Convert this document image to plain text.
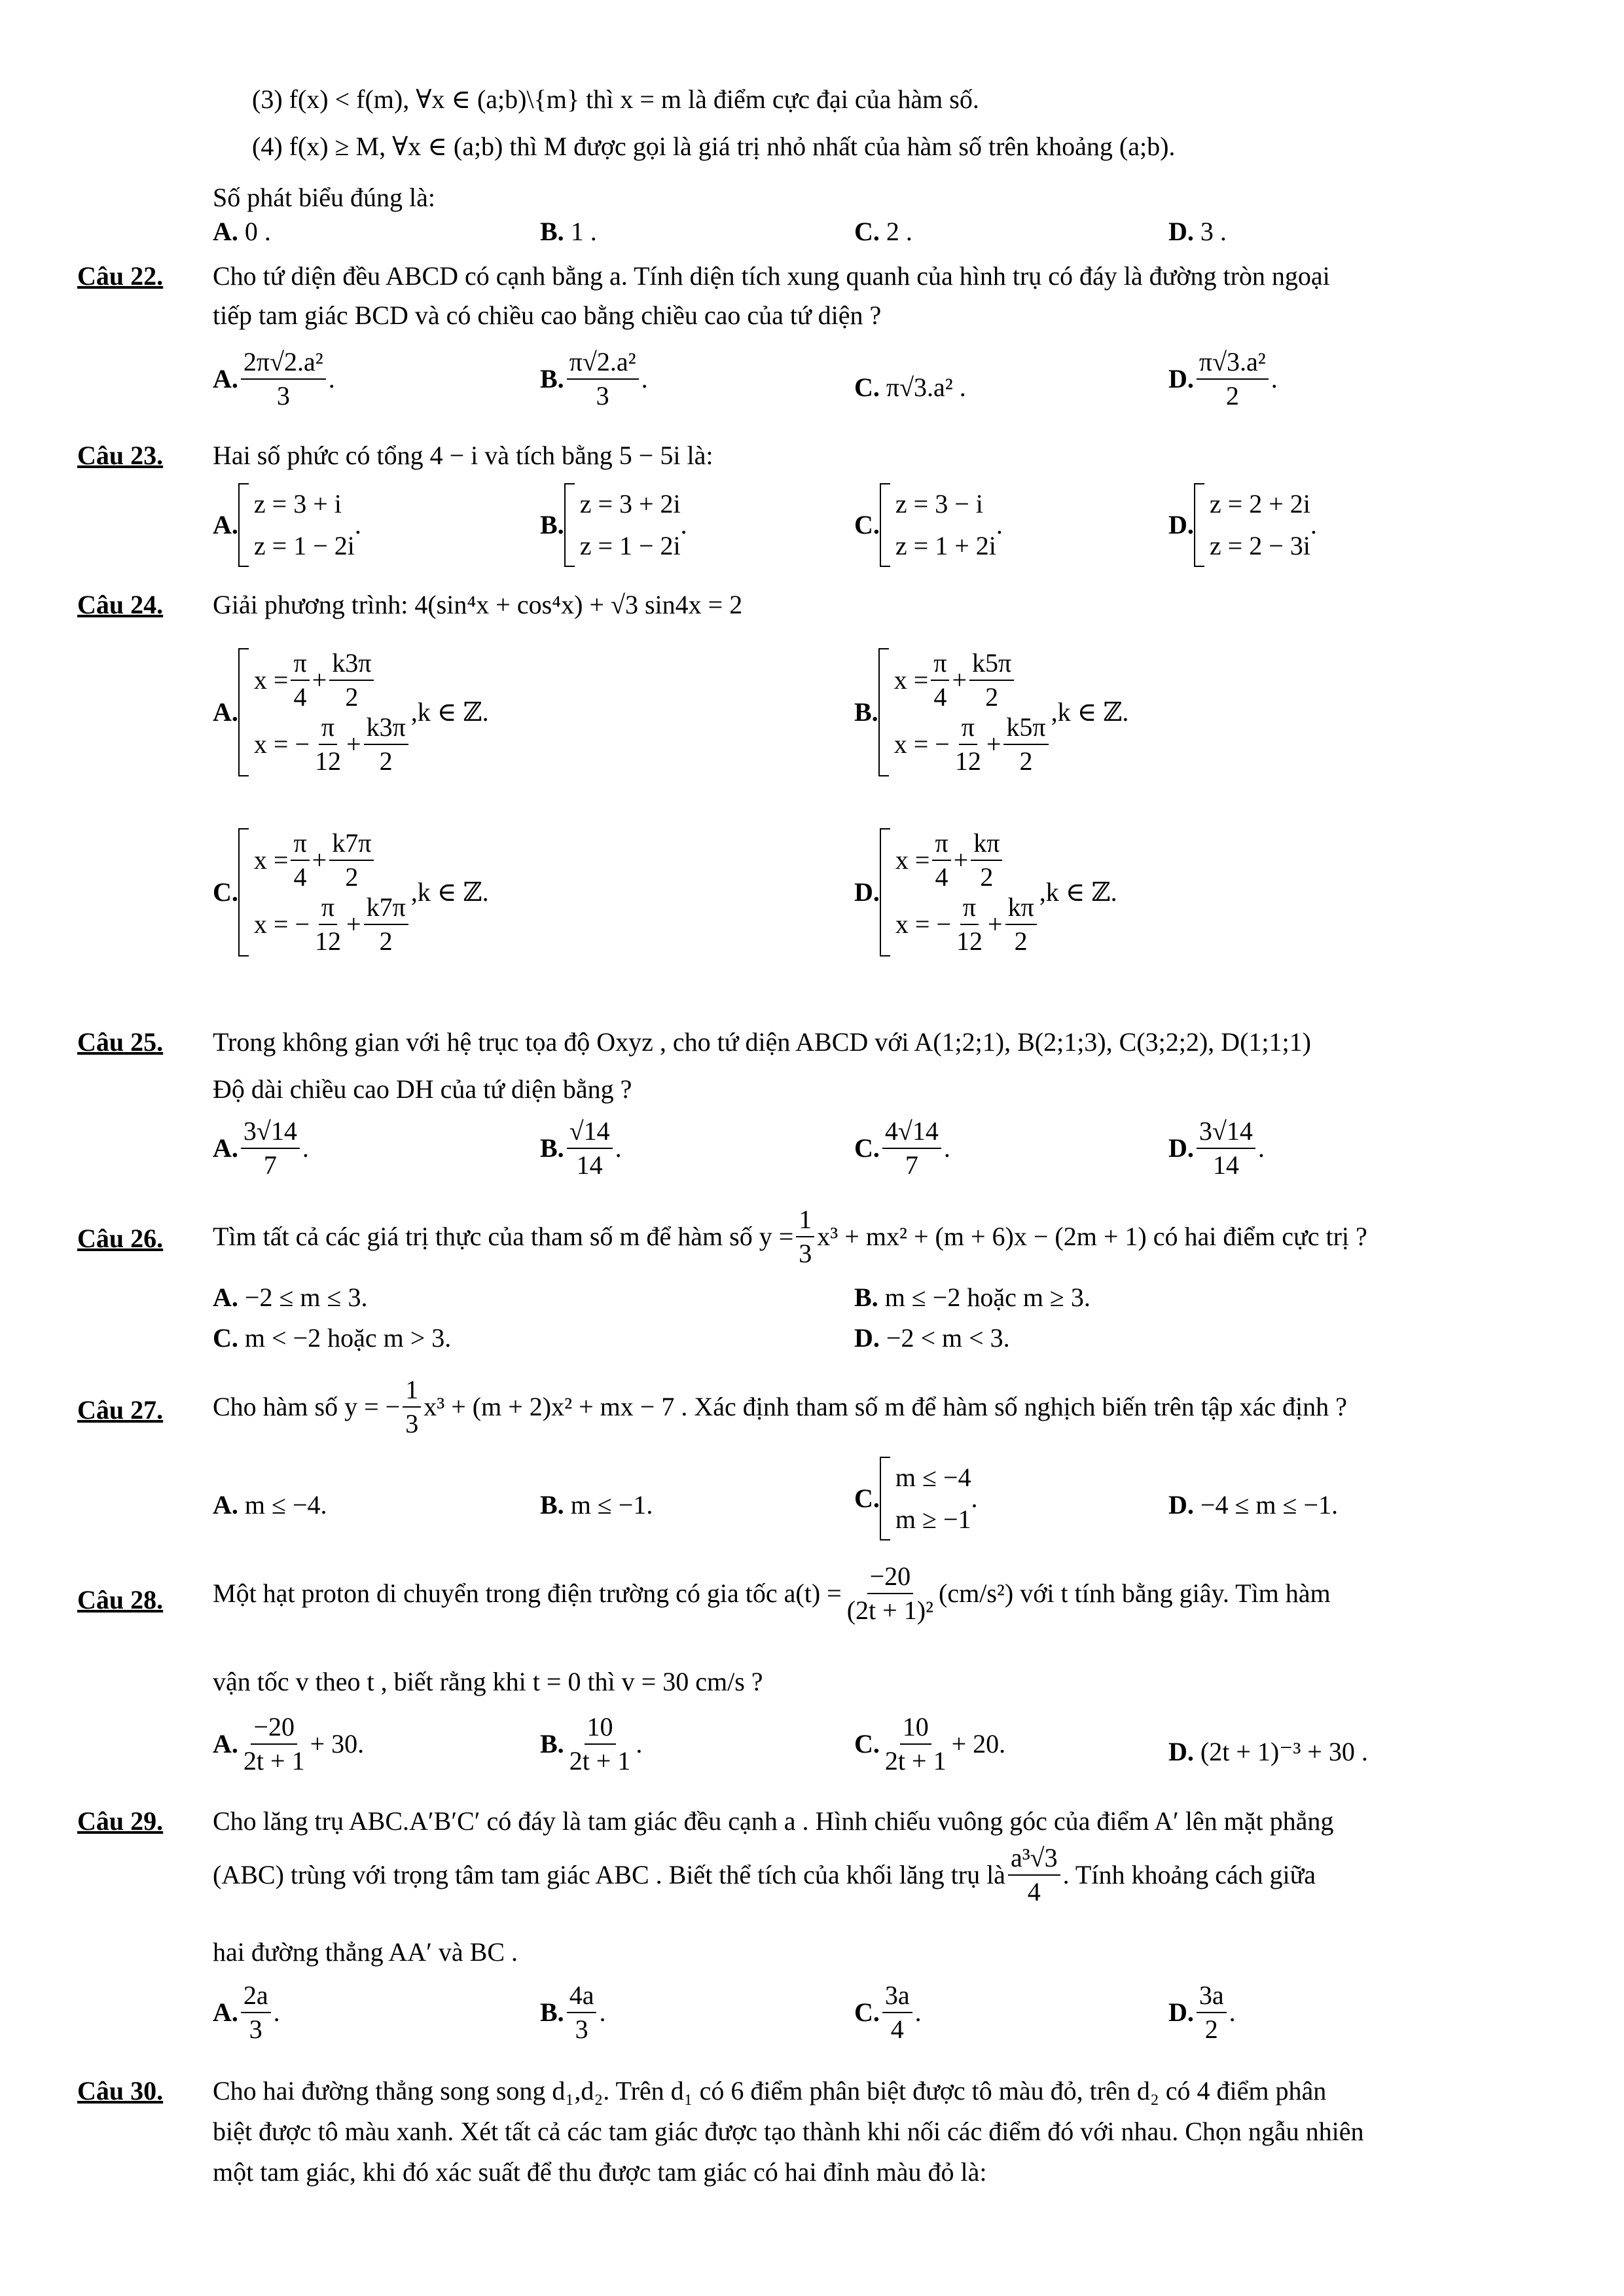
(3) f(x) < f(m), ∀x ∈ (a;b)\{m} thì x = m là điểm cực đại của hàm số.
(4) f(x) ≥ M, ∀x ∈ (a;b) thì M được gọi là giá trị nhỏ nhất của hàm số trên khoảng (a;b).
Số phát biểu đúng là:
A. 0 .	B. 1 .	C. 2 .	D. 3 .
Câu 22. Cho tứ diện đều ABCD có cạnh bằng a. Tính diện tích xung quanh của hình trụ có đáy là đường tròn ngoại
tiếp tam giác BCD và có chiều cao bằng chiều cao của tứ diện ?
A. $\frac{\text{2π√2.a²}}{3}$ .	B. $\frac{\text{π√2.a²}}{3}$ .	C. π√3.a² .	D. $\frac{\text{π√3.a²}}{2}$ .
Câu 23. Hai số phức có tổng 4 − i và tích bằng 5 − 5i là:
A.
z = 3 + i
z = 1 − 2i
.	B.
z = 3 + 2i
z = 1 − 2i
.	C.
z = 3 − i
z = 1 + 2i
.	D.
z = 2 + 2i
z = 2 − 3i
.
Câu 24. Giải phương trình: 4(sin⁴x + cos⁴x) + √3 sin4x = 2
A.
$x = \frac{\pi}{4} + \frac{k3\pi}{2}$
x = − $\frac{\pi}{12} + \frac{k3\pi}{2}$
,k ∈ ℤ.	B.
$x = \frac{\pi}{4} + \frac{k5\pi}{2}$
x = − $\frac{\pi}{12} + \frac{k5\pi}{2}$
,k ∈ ℤ.
C.
$x = \frac{\pi}{4} + \frac{k7\pi}{2}$
x = − $\frac{\pi}{12} + \frac{k7\pi}{2}$
,k ∈ ℤ.	D.
$x = \frac{\pi}{4} + \frac{k\pi}{2}$
x = − $\frac{\pi}{12} + \frac{k\pi}{2}$
,k ∈ ℤ.
Câu 25. Trong không gian với hệ trục tọa độ Oxyz , cho tứ diện ABCD với A(1;2;1), B(2;1;3), C(3;2;2), D(1;1;1)
Độ dài chiều cao DH của tứ diện bằng ?
A. $\frac{3√14}{7}$ .	B. $\frac{√14}{14}$ .	C. $\frac{4√14}{7}$ .	D. $\frac{3√14}{14}$ .
Câu 26. Tìm tất cả các giá trị thực của tham số m để hàm số $y = \frac{1}{3} x^3 + mx^2 + (m + 6)x - (2m + 1)$ có hai điểm cực trị ?
A. −2 ≤ m ≤ 3.	B. m ≤ −2 hoặc m ≥ 3.
C. m < −2 hoặc m > 3.	D. −2 < m < 3.
Câu 27. Cho hàm số y = − $\frac{1}{3} x^3 + (m + 2)x^2$ + mx − 7 . Xác định tham số m để hàm số nghịch biến trên tập xác định ?
A. m ≤ −4.	B. m ≤ −1.	C.
m ≤ −4
m ≥ −1
.	D. −4 ≤ m ≤ −1.
Câu 28. Một hạt proton di chuyển trong điện trường có gia tốc $a(t) = \frac{-20}{\text{(2t + 1)²}} (cm/s^2)$ với t tính bằng giây. Tìm hàm
vận tốc v theo t , biết rằng khi t = 0 thì v = 30 cm/s ?
A. $\frac{-20}{2t + 1} + 30$.	B. $\frac{10}{2t + 1}$ .	C. $\frac{10}{2t + 1} + 20$.	D. (2t + 1)⁻³ + 30 .
Câu 29. Cho lăng trụ ABC.A′B′C′ có đáy là tam giác đều cạnh a . Hình chiếu vuông góc của điểm A′ lên mặt phẳng
(ABC) trùng với trọng tâm tam giác ABC . Biết thể tích của khối lăng trụ là $\frac{\text{a³√3}}{4}$ . Tính khoảng cách giữa
hai đường thẳng AA′ và BC .
A. $\frac{2a}{3}$ .	B. $\frac{4a}{3}$ .	C. $\frac{3a}{4}$ .	D. $\frac{3a}{2}$ .
Câu 30. Cho hai đường thẳng song song d₁,d₂. Trên d₁ có 6 điểm phân biệt được tô màu đỏ, trên d₂ có 4 điểm phân
biệt được tô màu xanh. Xét tất cả các tam giác được tạo thành khi nối các điểm đó với nhau. Chọn ngẫu nhiên
một tam giác, khi đó xác suất để thu được tam giác có hai đỉnh màu đỏ là:
